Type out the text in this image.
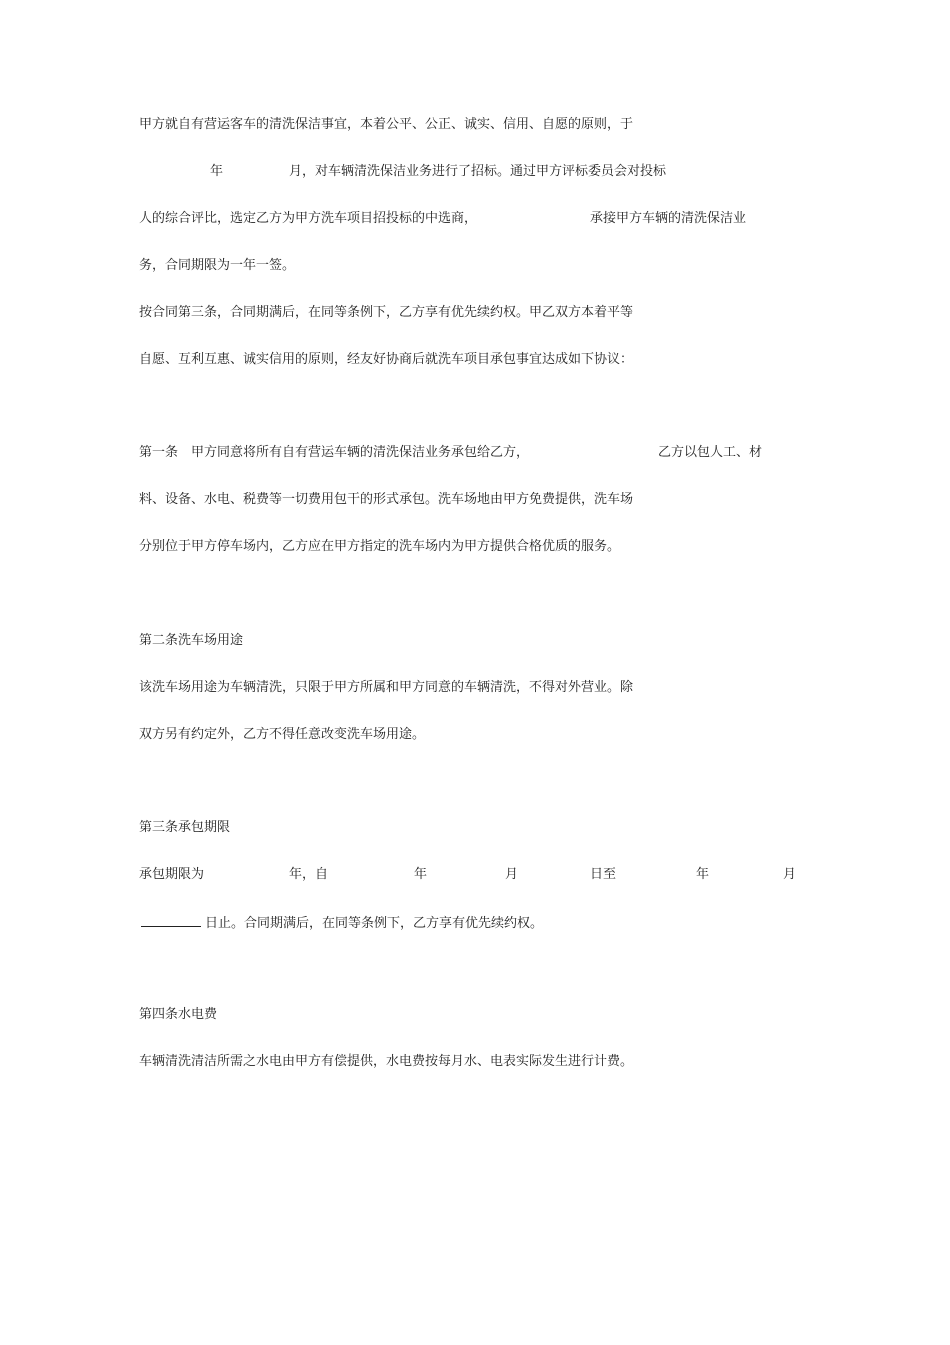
甲方就自有营运客车的清洗保洁事宜，本着公平、公正、诚实、信用、自愿的原则，于
年	月，对车辆清洗保洁业务进行了招标。通过甲方评标委员会对投标
人的综合评比，选定乙方为甲方洗车项目招投标的中选商，	承接甲方车辆的清洗保洁业
务，合同期限为一年一签。
按合同第三条，合同期满后，在同等条例下，乙方享有优先续约权。甲乙双方本着平等
自愿、互利互惠、诚实信用的原则，经友好协商后就洗车项目承包事宜达成如下协议：
第一条　甲方同意将所有自有营运车辆的清洗保洁业务承包给乙方，	乙方以包人工、材
料、设备、水电、税费等一切费用包干的形式承包。洗车场地由甲方免费提供，洗车场
分别位于甲方停车场内，乙方应在甲方指定的洗车场内为甲方提供合格优质的服务。
第二条洗车场用途
该洗车场用途为车辆清洗，只限于甲方所属和甲方同意的车辆清洗，不得对外营业。除
双方另有约定外，乙方不得任意改变洗车场用途。
第三条承包期限
承包期限为	年，自	年	月	日至	年	月
日止。合同期满后，在同等条例下，乙方享有优先续约权。
第四条水电费
车辆清洗清洁所需之水电由甲方有偿提供，水电费按每月水、电表实际发生进行计费。
